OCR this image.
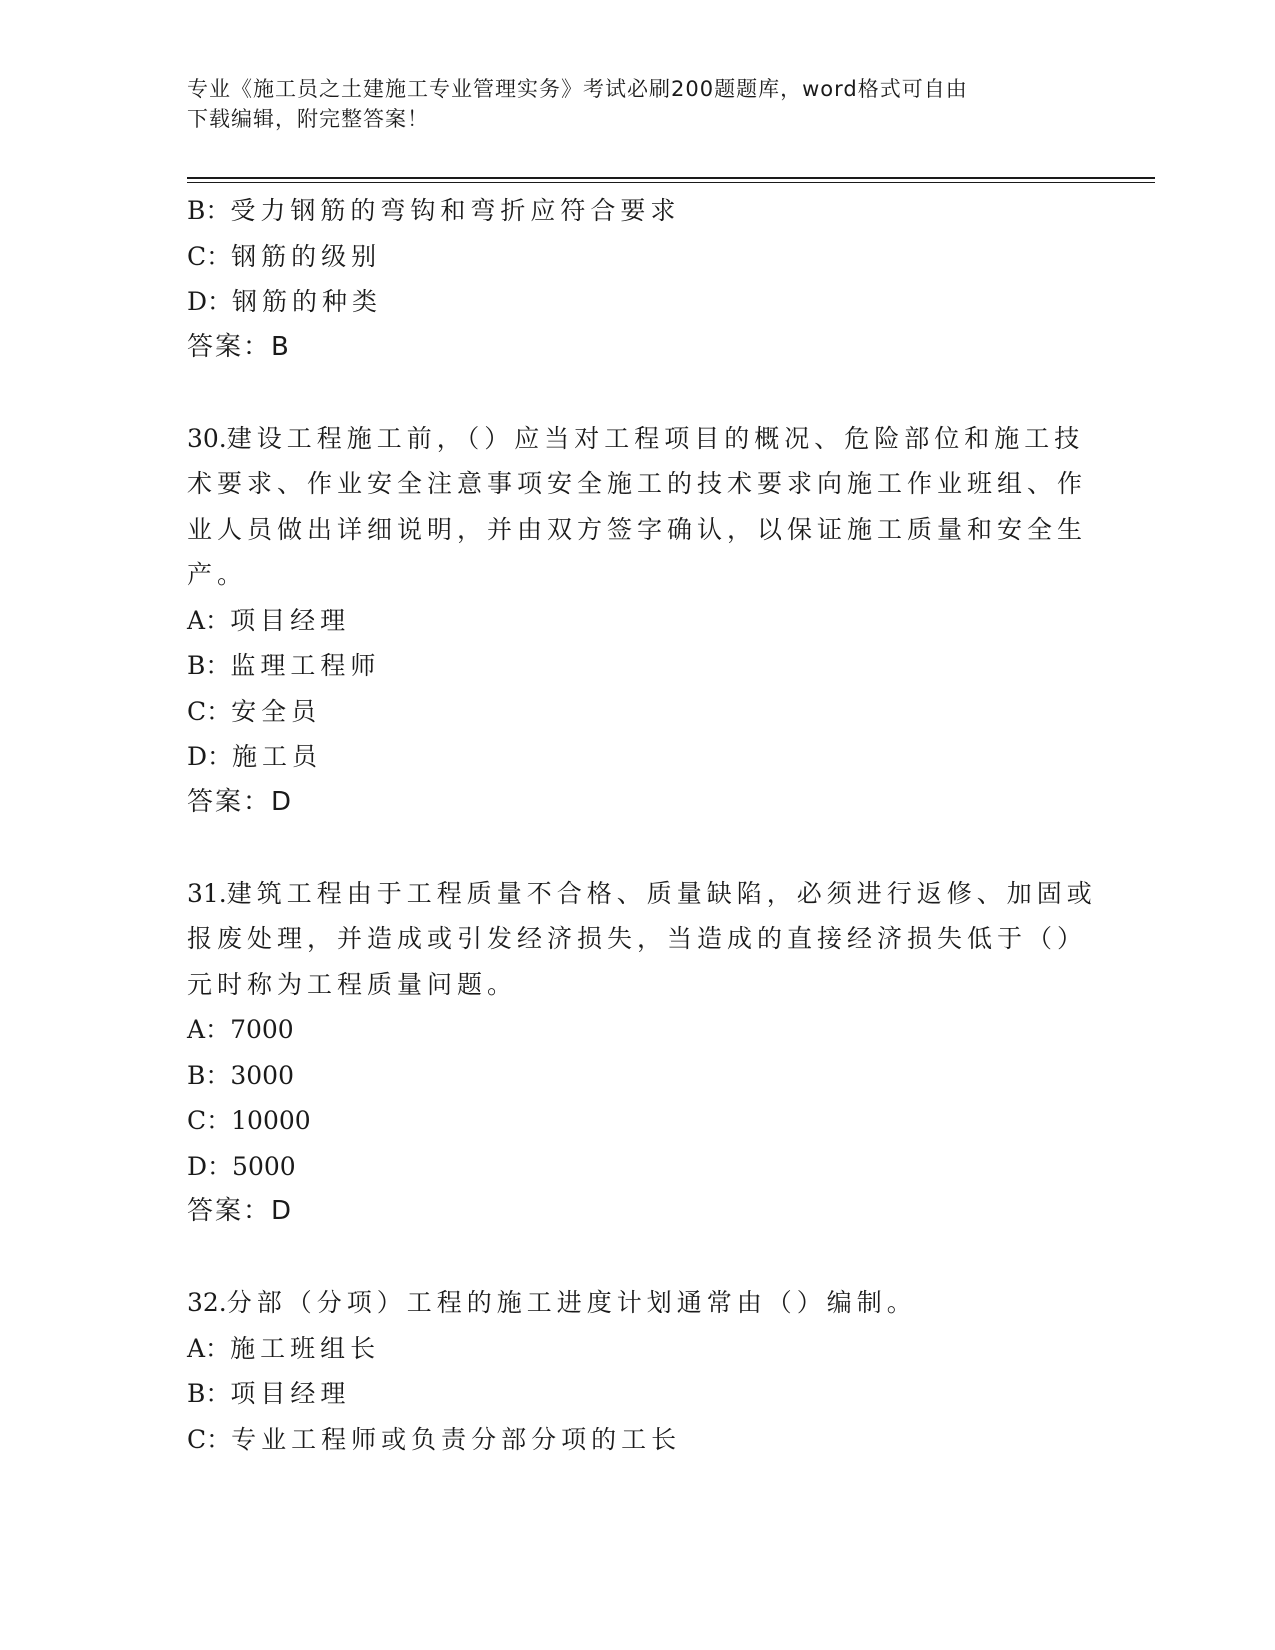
专业《施工员之土建施工专业管理实务》考试必刷200题题库，word格式可自由
下载编辑，附完整答案！
B：受力钢筋的弯钩和弯折应符合要求
C：钢筋的级别
D：钢筋的种类
答案：B
30.建设工程施工前，（）应当对工程项目的概况、危险部位和施工技
术要求、作业安全注意事项安全施工的技术要求向施工作业班组、作
业人员做出详细说明，并由双方签字确认，以保证施工质量和安全生
产。
A：项目经理
B：监理工程师
C：安全员
D：施工员
答案：D
31.建筑工程由于工程质量不合格、质量缺陷，必须进行返修、加固或
报废处理，并造成或引发经济损失，当造成的直接经济损失低于（）
元时称为工程质量问题。
A：7000
B：3000
C：10000
D：5000
答案：D
32.分部（分项）工程的施工进度计划通常由（）编制。
A：施工班组长
B：项目经理
C：专业工程师或负责分部分项的工长
